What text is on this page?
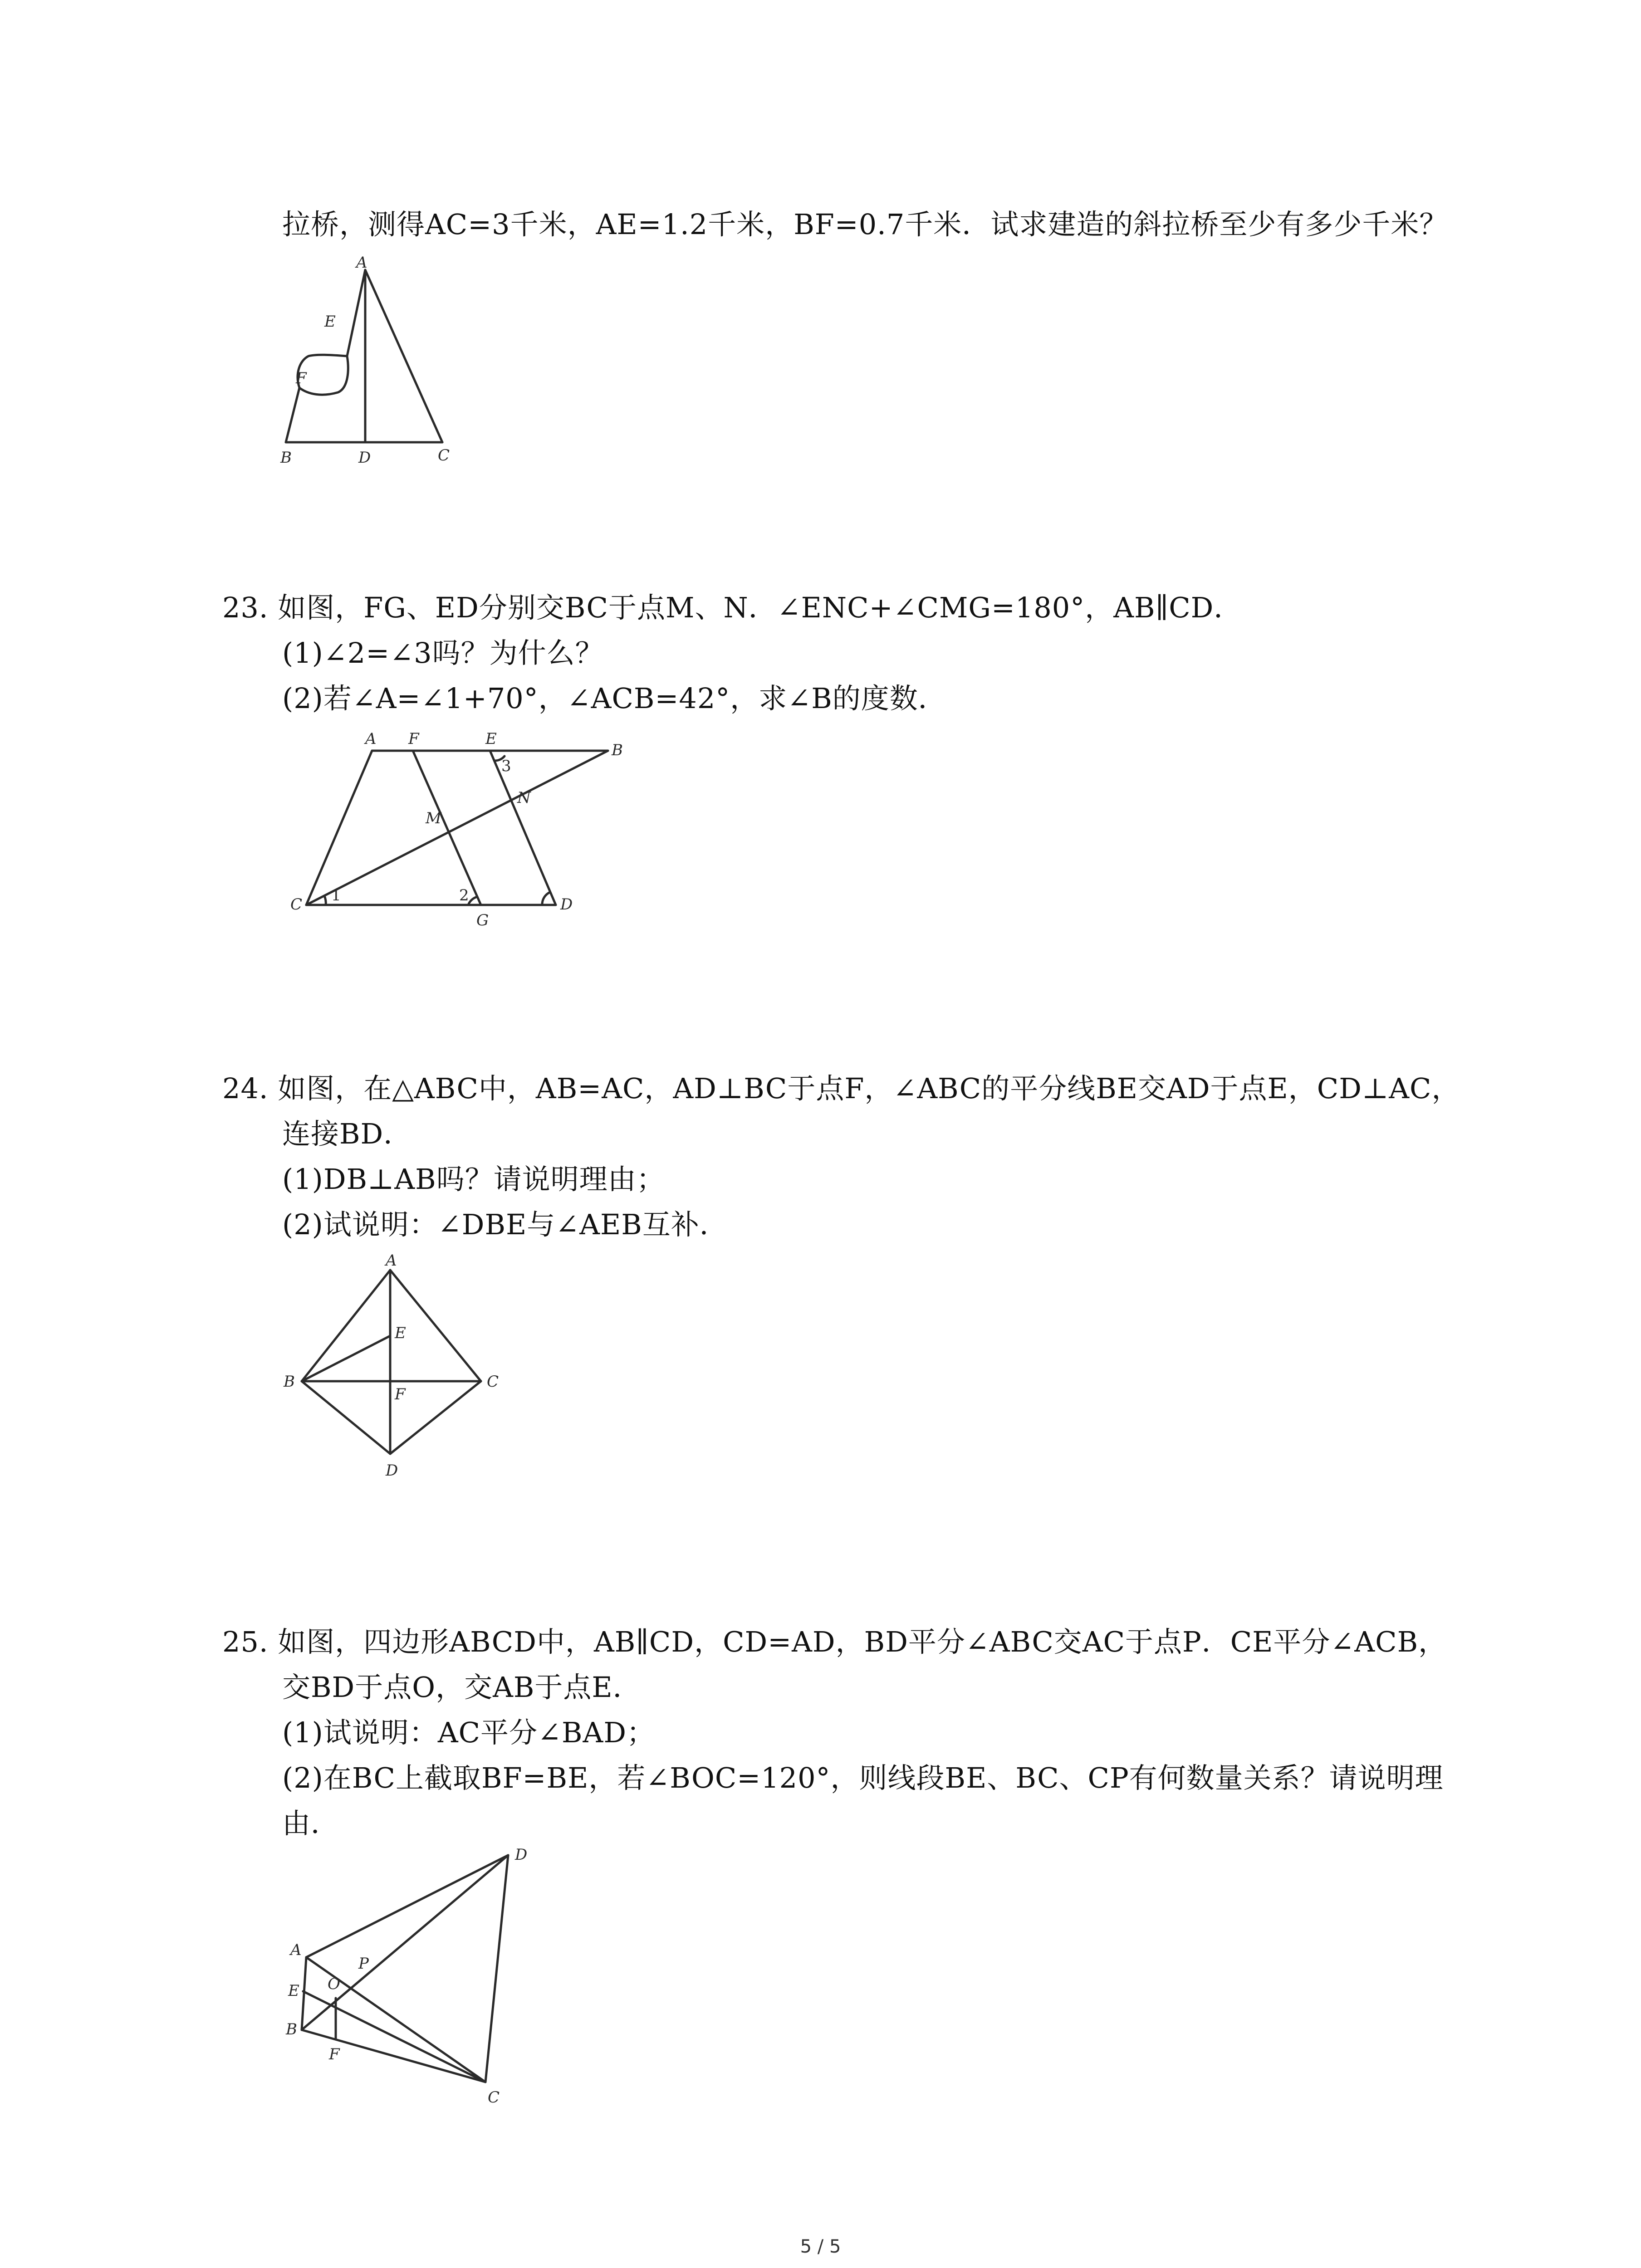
拉桥，测得AC=3千米，AE=1.2千米，BF=0.7千米．试求建造的斜拉桥至少有多少千米？
A
E
F
B	D	C
23. 如图，FG、ED分别交BC于点M、N．∠ENC+∠CMG=180°，AB∥CD．
(1)∠2=∠3吗？为什么？
(2)若∠A=∠1+70°，∠ACB=42°，求∠B的度数．
A F	E
B
M
N
C
G
D
1	2
3
24. 如图，在△ABC中，AB=AC，AD⊥BC于点F，∠ABC的平分线BE交AD于点E，CD⊥AC，
连接BD．
(1)DB⊥AB吗？请说明理由；
(2)试说明：∠DBE与∠AEB互补．
A
E
B
F
C
D
25. 如图，四边形ABCD中，AB∥CD，CD=AD，BD平分∠ABC交AC于点P．CE平分∠ACB，
交BD于点O，交AB于点E．
(1)试说明：AC平分∠BAD；
(2)在BC上截取BF=BE，若∠BOC=120°，则线段BE、BC、CP有何数量关系？请说明理
由．
D
A
P
E O
B
F
C
5 / 5
